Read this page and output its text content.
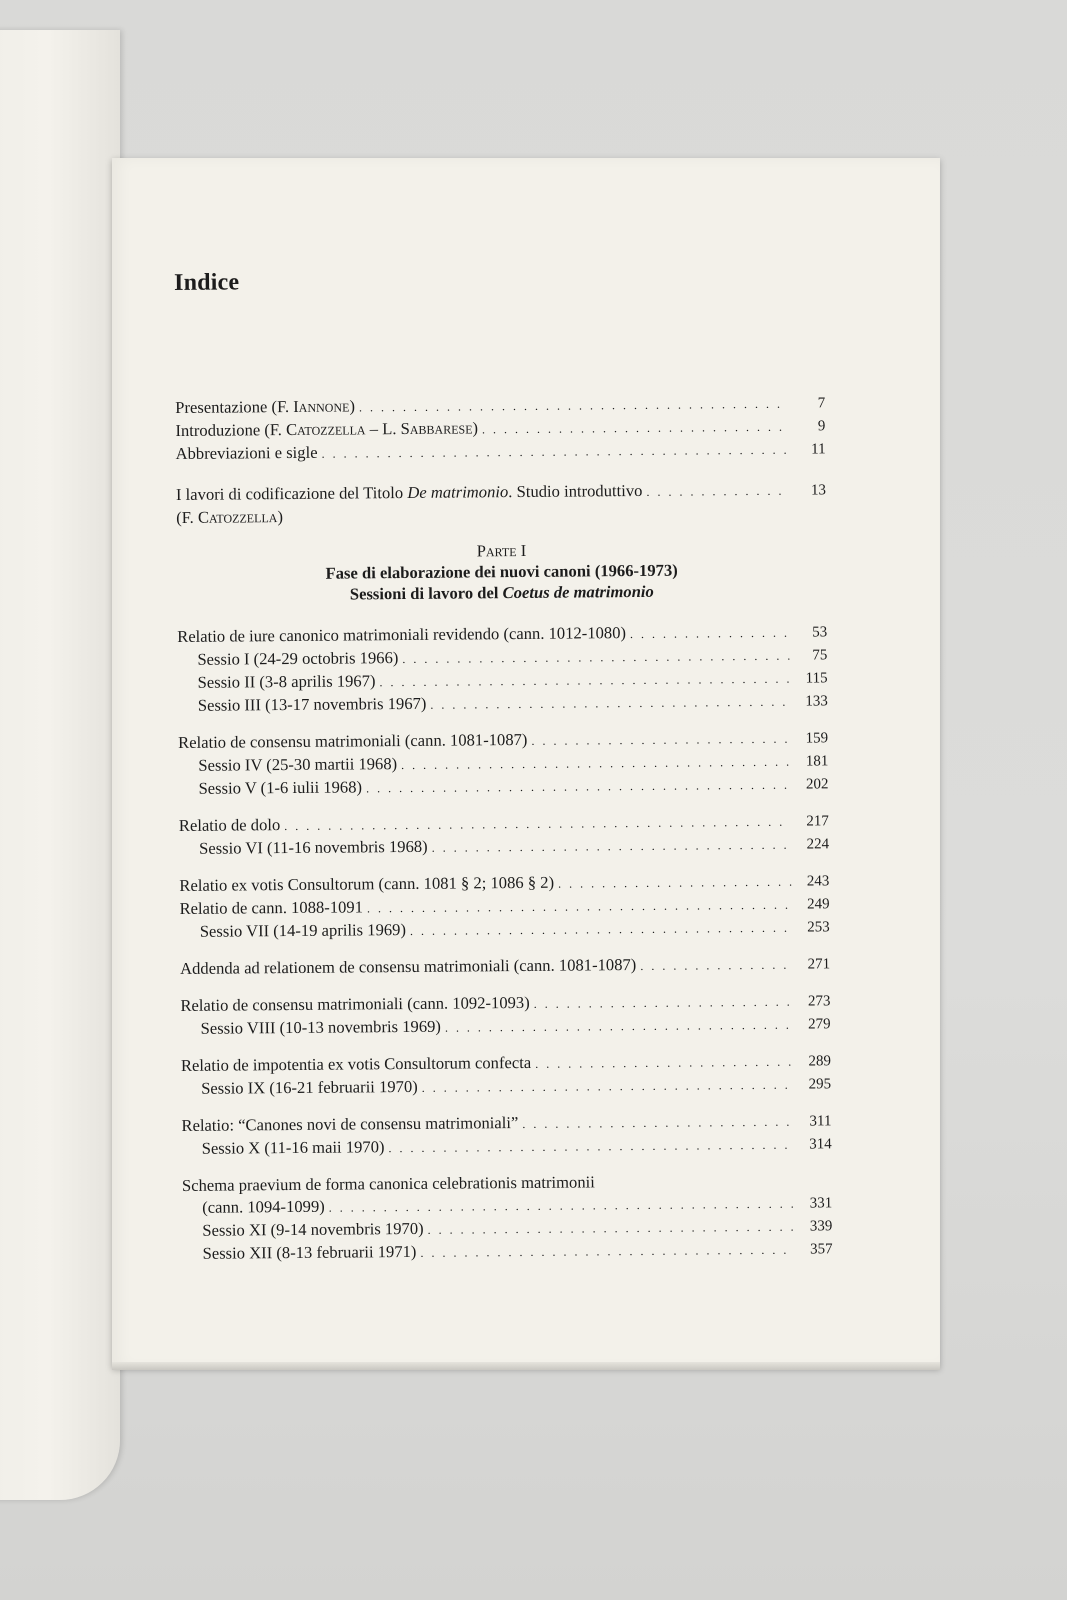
Indice
Presentazione (F. Iannone) . . .	7
Introduzione (F. Catozzella – L. Sabbarese) . . .	9
Abbreviazioni e sigle . . .	11
I lavori di codificazione del Titolo De matrimonio. Studio introduttivo . . .	13
(F. Catozzella)
Parte I
Fase di elaborazione dei nuovi canoni (1966-1973)
Sessioni di lavoro del Coetus de matrimonio
Relatio de iure canonico matrimoniali revidendo (cann. 1012-1080) . . .	53
Sessio I (24-29 octobris 1966) . . .	75
Sessio II (3-8 aprilis 1967) . . .	115
Sessio III (13-17 novembris 1967) . . .	133
Relatio de consensu matrimoniali (cann. 1081-1087) . . .	159
Sessio IV (25-30 martii 1968) . . .	181
Sessio V (1-6 iulii 1968) . . .	202
Relatio de dolo . . .	217
Sessio VI (11-16 novembris 1968) . . .	224
Relatio ex votis Consultorum (cann. 1081 § 2; 1086 § 2) . . .	243
Relatio de cann. 1088-1091 . . .	249
Sessio VII (14-19 aprilis 1969) . . .	253
Addenda ad relationem de consensu matrimoniali (cann. 1081-1087) . . .	271
Relatio de consensu matrimoniali (cann. 1092-1093) . . .	273
Sessio VIII (10-13 novembris 1969) . . .	279
Relatio de impotentia ex votis Consultorum confecta . . .	289
Sessio IX (16-21 februarii 1970) . . .	295
Relatio: “Canones novi de consensu matrimoniali” . . .	311
Sessio X (11-16 maii 1970) . . .	314
Schema praevium de forma canonica celebrationis matrimonii
(cann. 1094-1099) . . .	331
Sessio XI (9-14 novembris 1970) . . .	339
Sessio XII (8-13 februarii 1971) . . .	357
